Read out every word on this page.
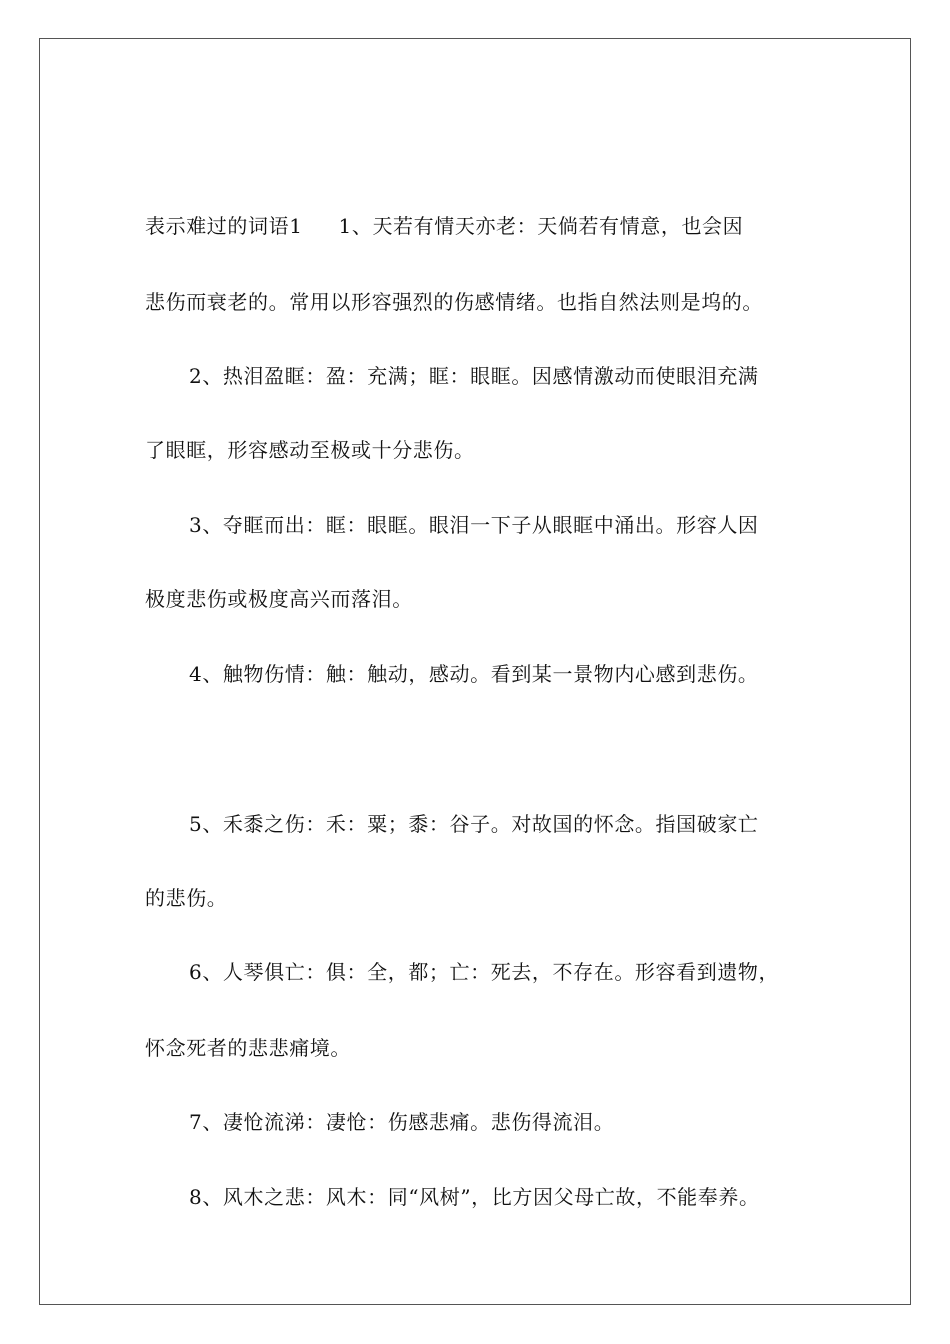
表示难过的词语1 1、天若有情天亦老：天倘若有情意，也会因
悲伤而衰老的。常用以形容强烈的伤感情绪。也指自然法则是坞的。
2、热泪盈眶：盈：充满；眶：眼眶。因感情激动而使眼泪充满
了眼眶，形容感动至极或十分悲伤。
3、夺眶而出：眶：眼眶。眼泪一下子从眼眶中涌出。形容人因
极度悲伤或极度高兴而落泪。
4、触物伤情：触：触动，感动。看到某一景物内心感到悲伤。
5、禾黍之伤：禾：粟；黍：谷子。对故国的怀念。指国破家亡
的悲伤。
6、人琴俱亡：俱：全，都；亡：死去，不存在。形容看到遗物，
怀念死者的悲悲痛境。
7、凄怆流涕：凄怆：伤感悲痛。悲伤得流泪。
8、风木之悲：风木：同“风树”，比方因父母亡故，不能奉养。
